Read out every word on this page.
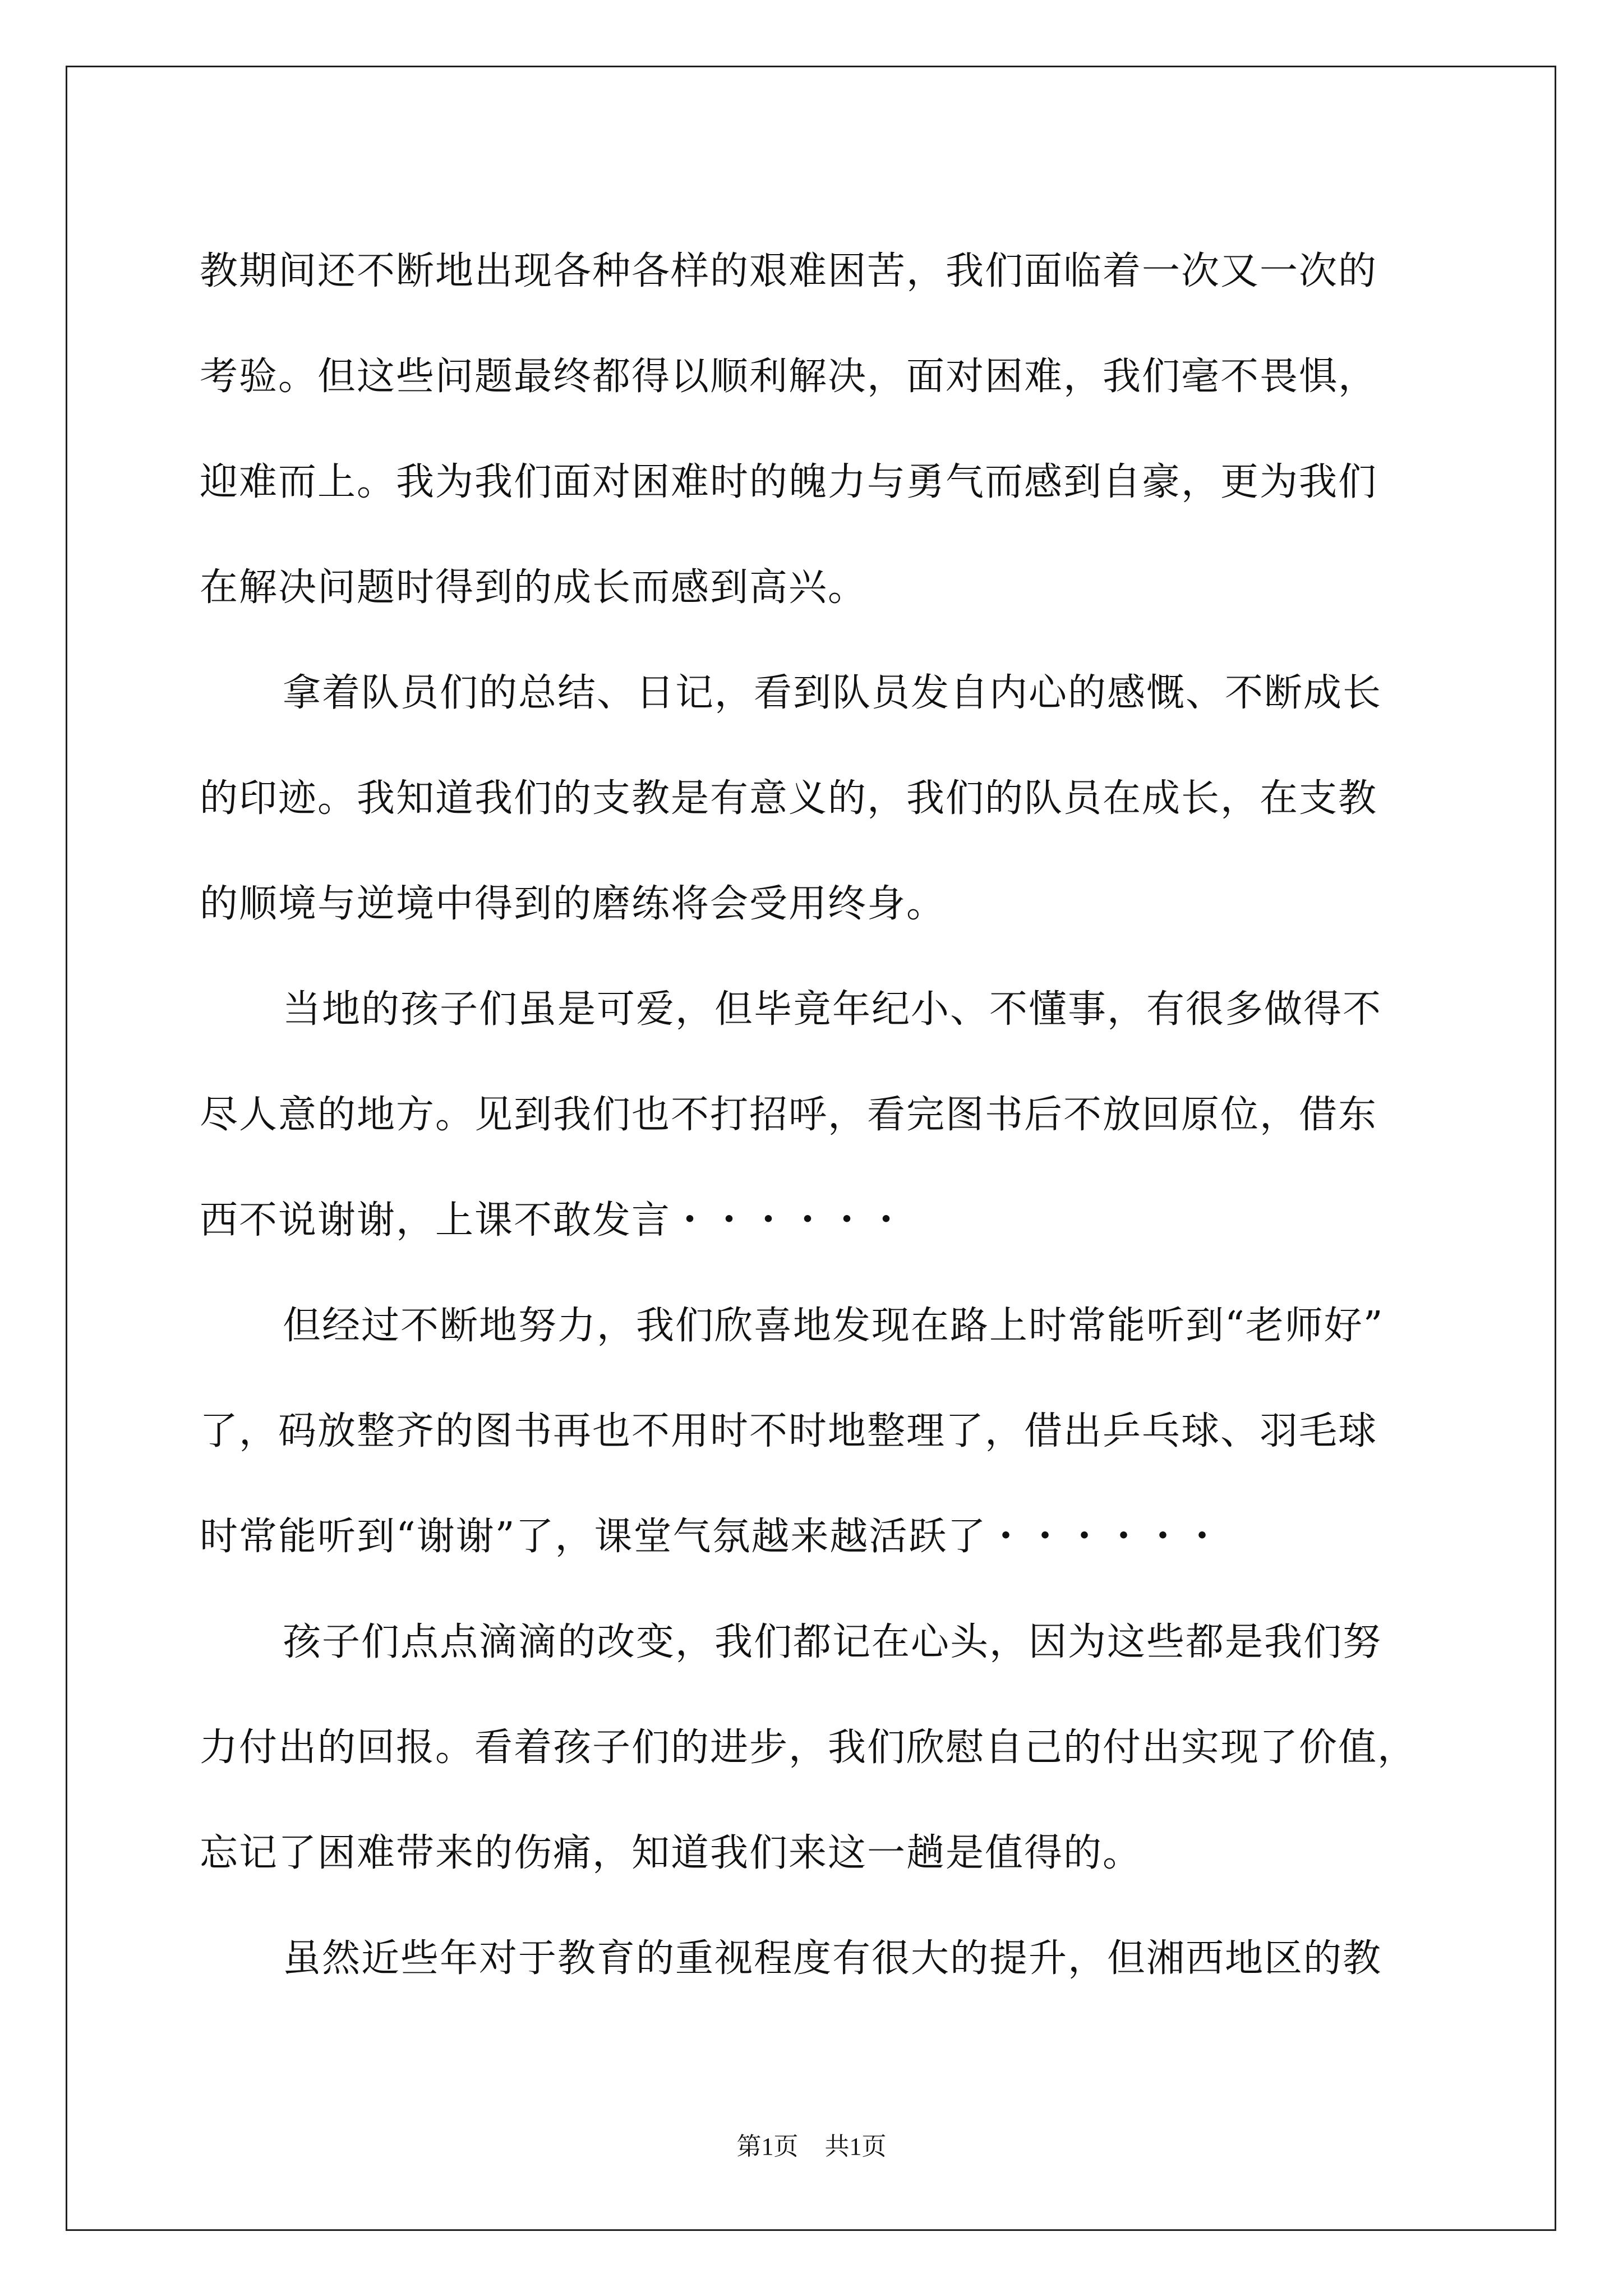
教期间还不断地出现各种各样的艰难困苦，我们面临着一次又一次的
考验。但这些问题最终都得以顺利解决，面对困难，我们毫不畏惧，
迎难而上。我为我们面对困难时的魄力与勇气而感到自豪，更为我们
在解决问题时得到的成长而感到高兴。
拿着队员们的总结、日记，看到队员发自内心的感慨、不断成长
的印迹。我知道我们的支教是有意义的，我们的队员在成长，在支教
的顺境与逆境中得到的磨练将会受用终身。
当地的孩子们虽是可爱，但毕竟年纪小、不懂事，有很多做得不
尽人意的地方。见到我们也不打招呼，看完图书后不放回原位，借东
西不说谢谢，上课不敢发言・・・・・・
但经过不断地努力，我们欣喜地发现在路上时常能听到“老师好”
了，码放整齐的图书再也不用时不时地整理了，借出乒乓球、羽毛球
时常能听到“谢谢”了，课堂气氛越来越活跃了・・・・・・
孩子们点点滴滴的改变，我们都记在心头，因为这些都是我们努
力付出的回报。看着孩子们的进步，我们欣慰自己的付出实现了价值，
忘记了困难带来的伤痛，知道我们来这一趟是值得的。
虽然近些年对于教育的重视程度有很大的提升，但湘西地区的教
第1页 共1页
